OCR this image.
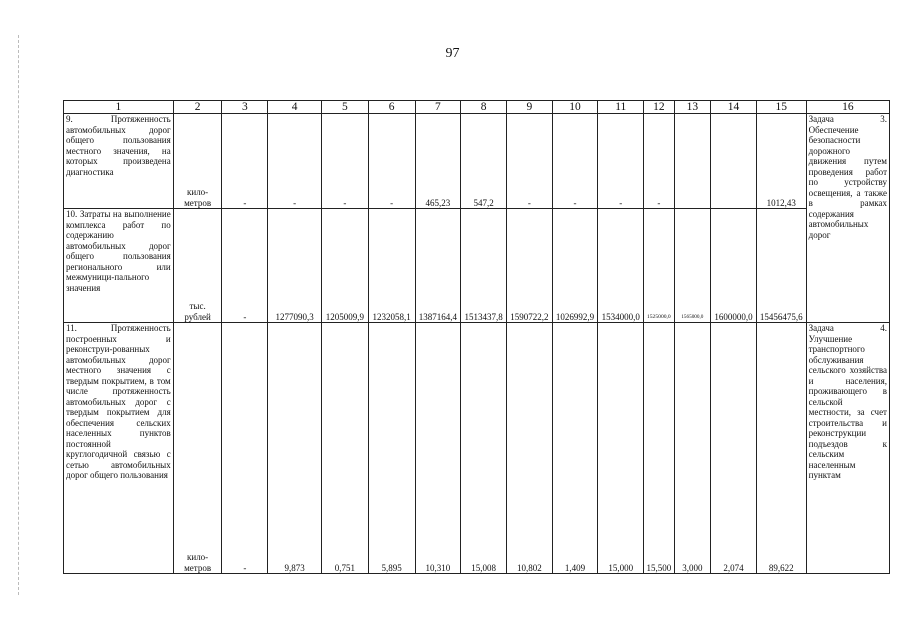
97
1	2	3	4	5	6	7	8	9	10	11	12	13	14	15	16
9. Протяженность автомобильных дорог общего пользования местного значения, на которых произведена диагностика	кило-метров	-	-	-	-	465,23	547,2	-	-	-	-			1012,43	Задача 3. Обеспечение безопасности дорожного движения путем проведения работ по устройству освещения, а также в рамках содержания автомобильных дорог
10. Затраты на выполнение комплекса работ по содержанию автомобильных дорог общего пользования регионального или межмуници-пального значения	тыс. рублей	-	1277090,3	1205009,9	1232058,1	1387164,4	1513437,8	1590722,2	1026992,9	1534000,0	1525000,0	1565000,0	1600000,0	15456475,6	
11. Протяженность построенных и реконструи-рованных автомобильных дорог местного значения с твердым покрытием, в том числе протяженность автомобильных дорог с твердым покрытием для обеспечения сельских населенных пунктов постоянной круглогодичной связью с сетью автомобильных дорог общего пользования	кило-метров	-	9,873	0,751	5,895	10,310	15,008	10,802	1,409	15,000	15,500	3,000	2,074	89,622	Задача 4. Улучшение транспортного обслуживания сельского хозяйства и населения, проживающего в сельской местности, за счет строительства и реконструкции подъездов к сельским населенным пунктам
